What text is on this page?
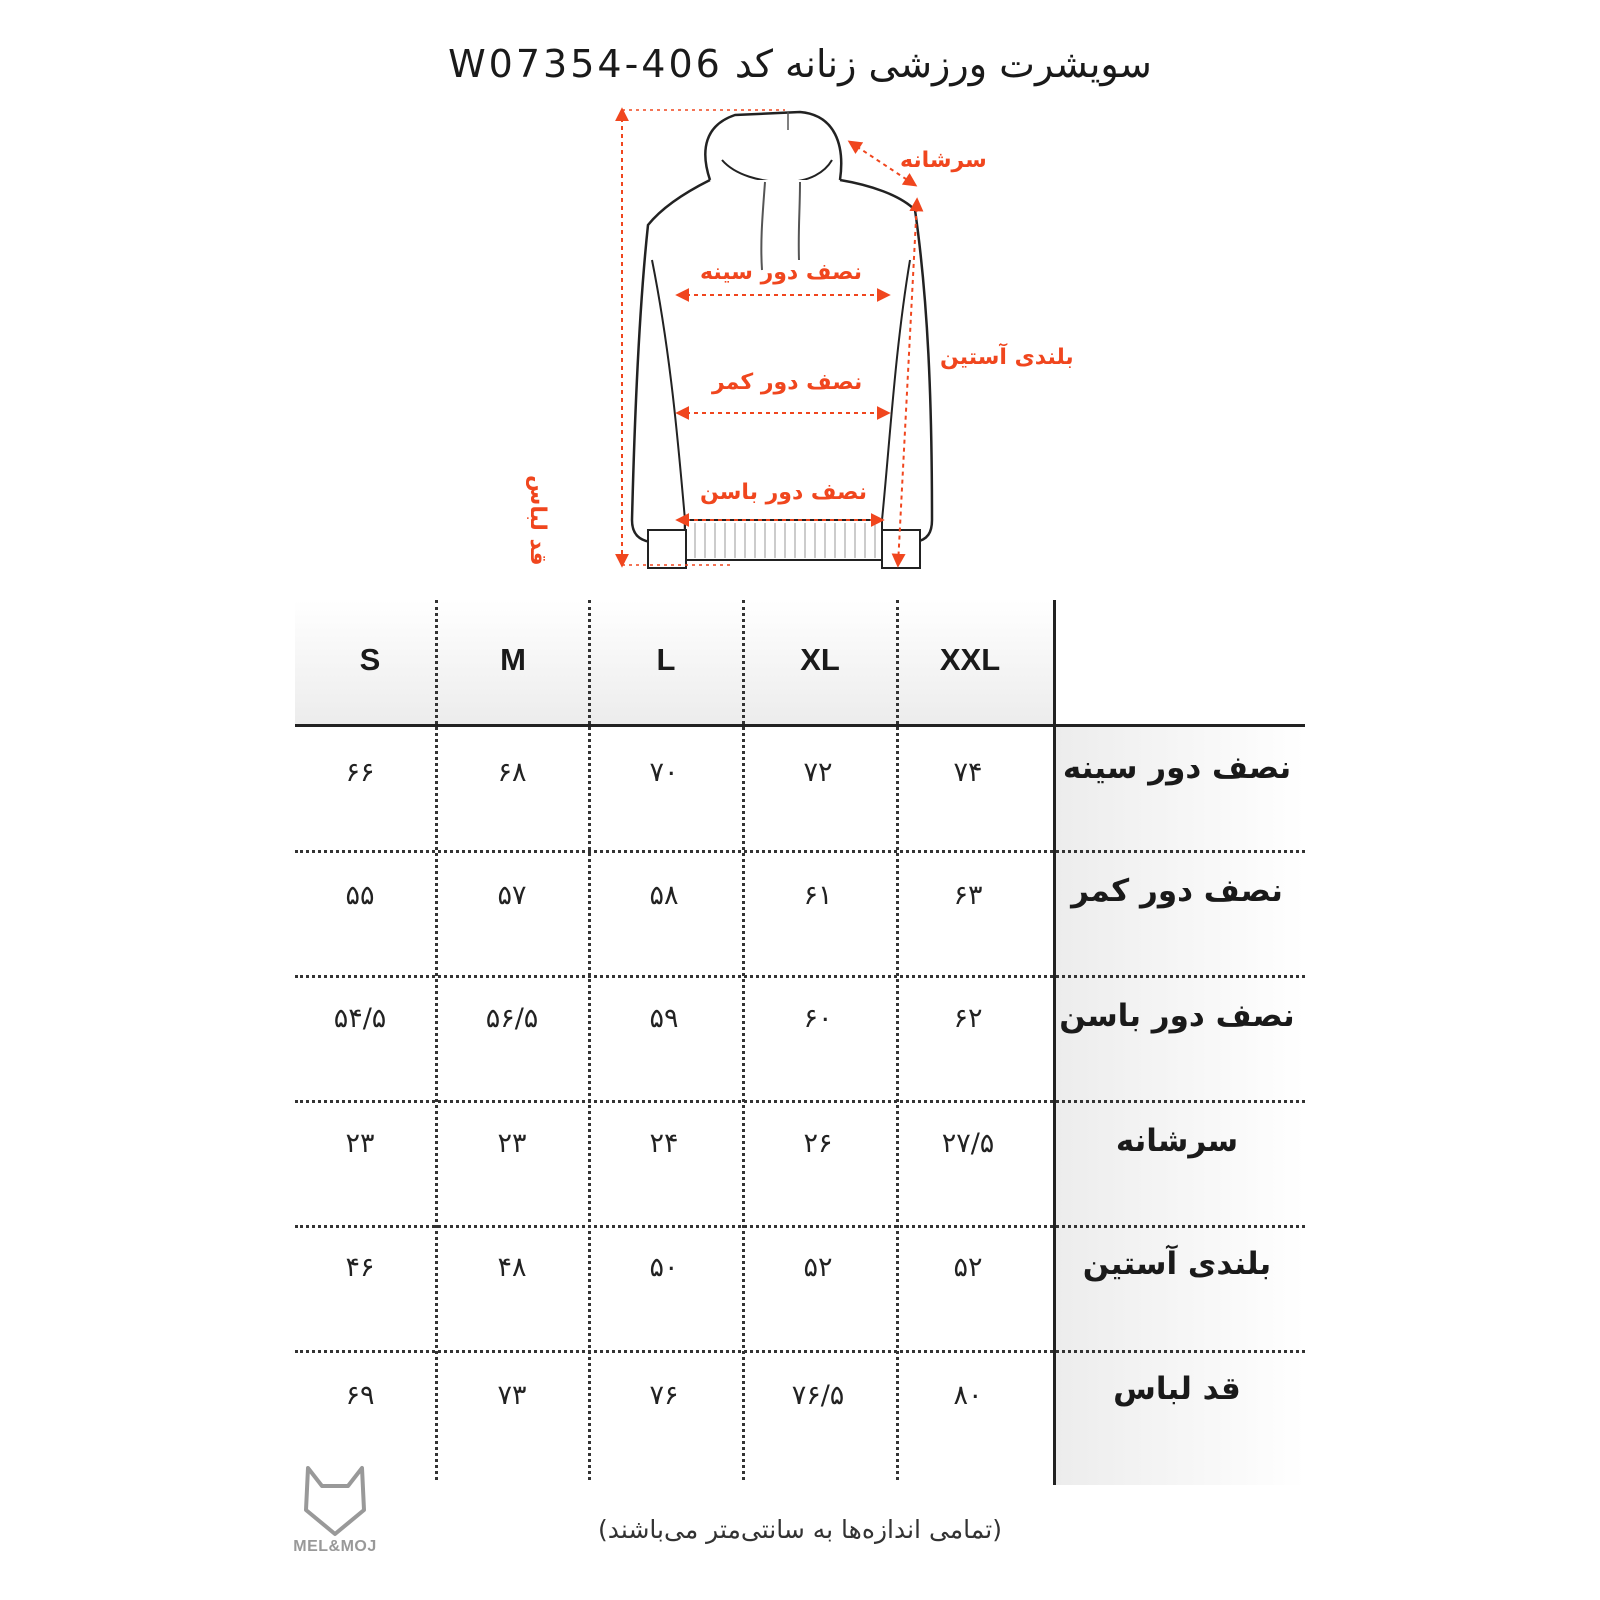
سویشرت ورزشی زنانه کد W07354-406
سرشانه
نصف دور سینه
نصف دور کمر
نصف دور باسن
بلندی آستین
قد لباس
S	M	L	XL	XXL
نصف دور سینه
۶۶	۶۸	۷۰	۷۲	۷۴
نصف دور کمر
۵۵	۵۷	۵۸	۶۱	۶۳
نصف دور باسن
۵۴/۵	۵۶/۵	۵۹	۶۰	۶۲
سرشانه
۲۳	۲۳	۲۴	۲۶	۲۷/۵
بلندی آستین
۴۶	۴۸	۵۰	۵۲	۵۲
قد لباس
۶۹	۷۳	۷۶	۷۶/۵	۸۰
MEL&MOJ
(تمامی اندازه‌ها به سانتی‌متر می‌باشند)
